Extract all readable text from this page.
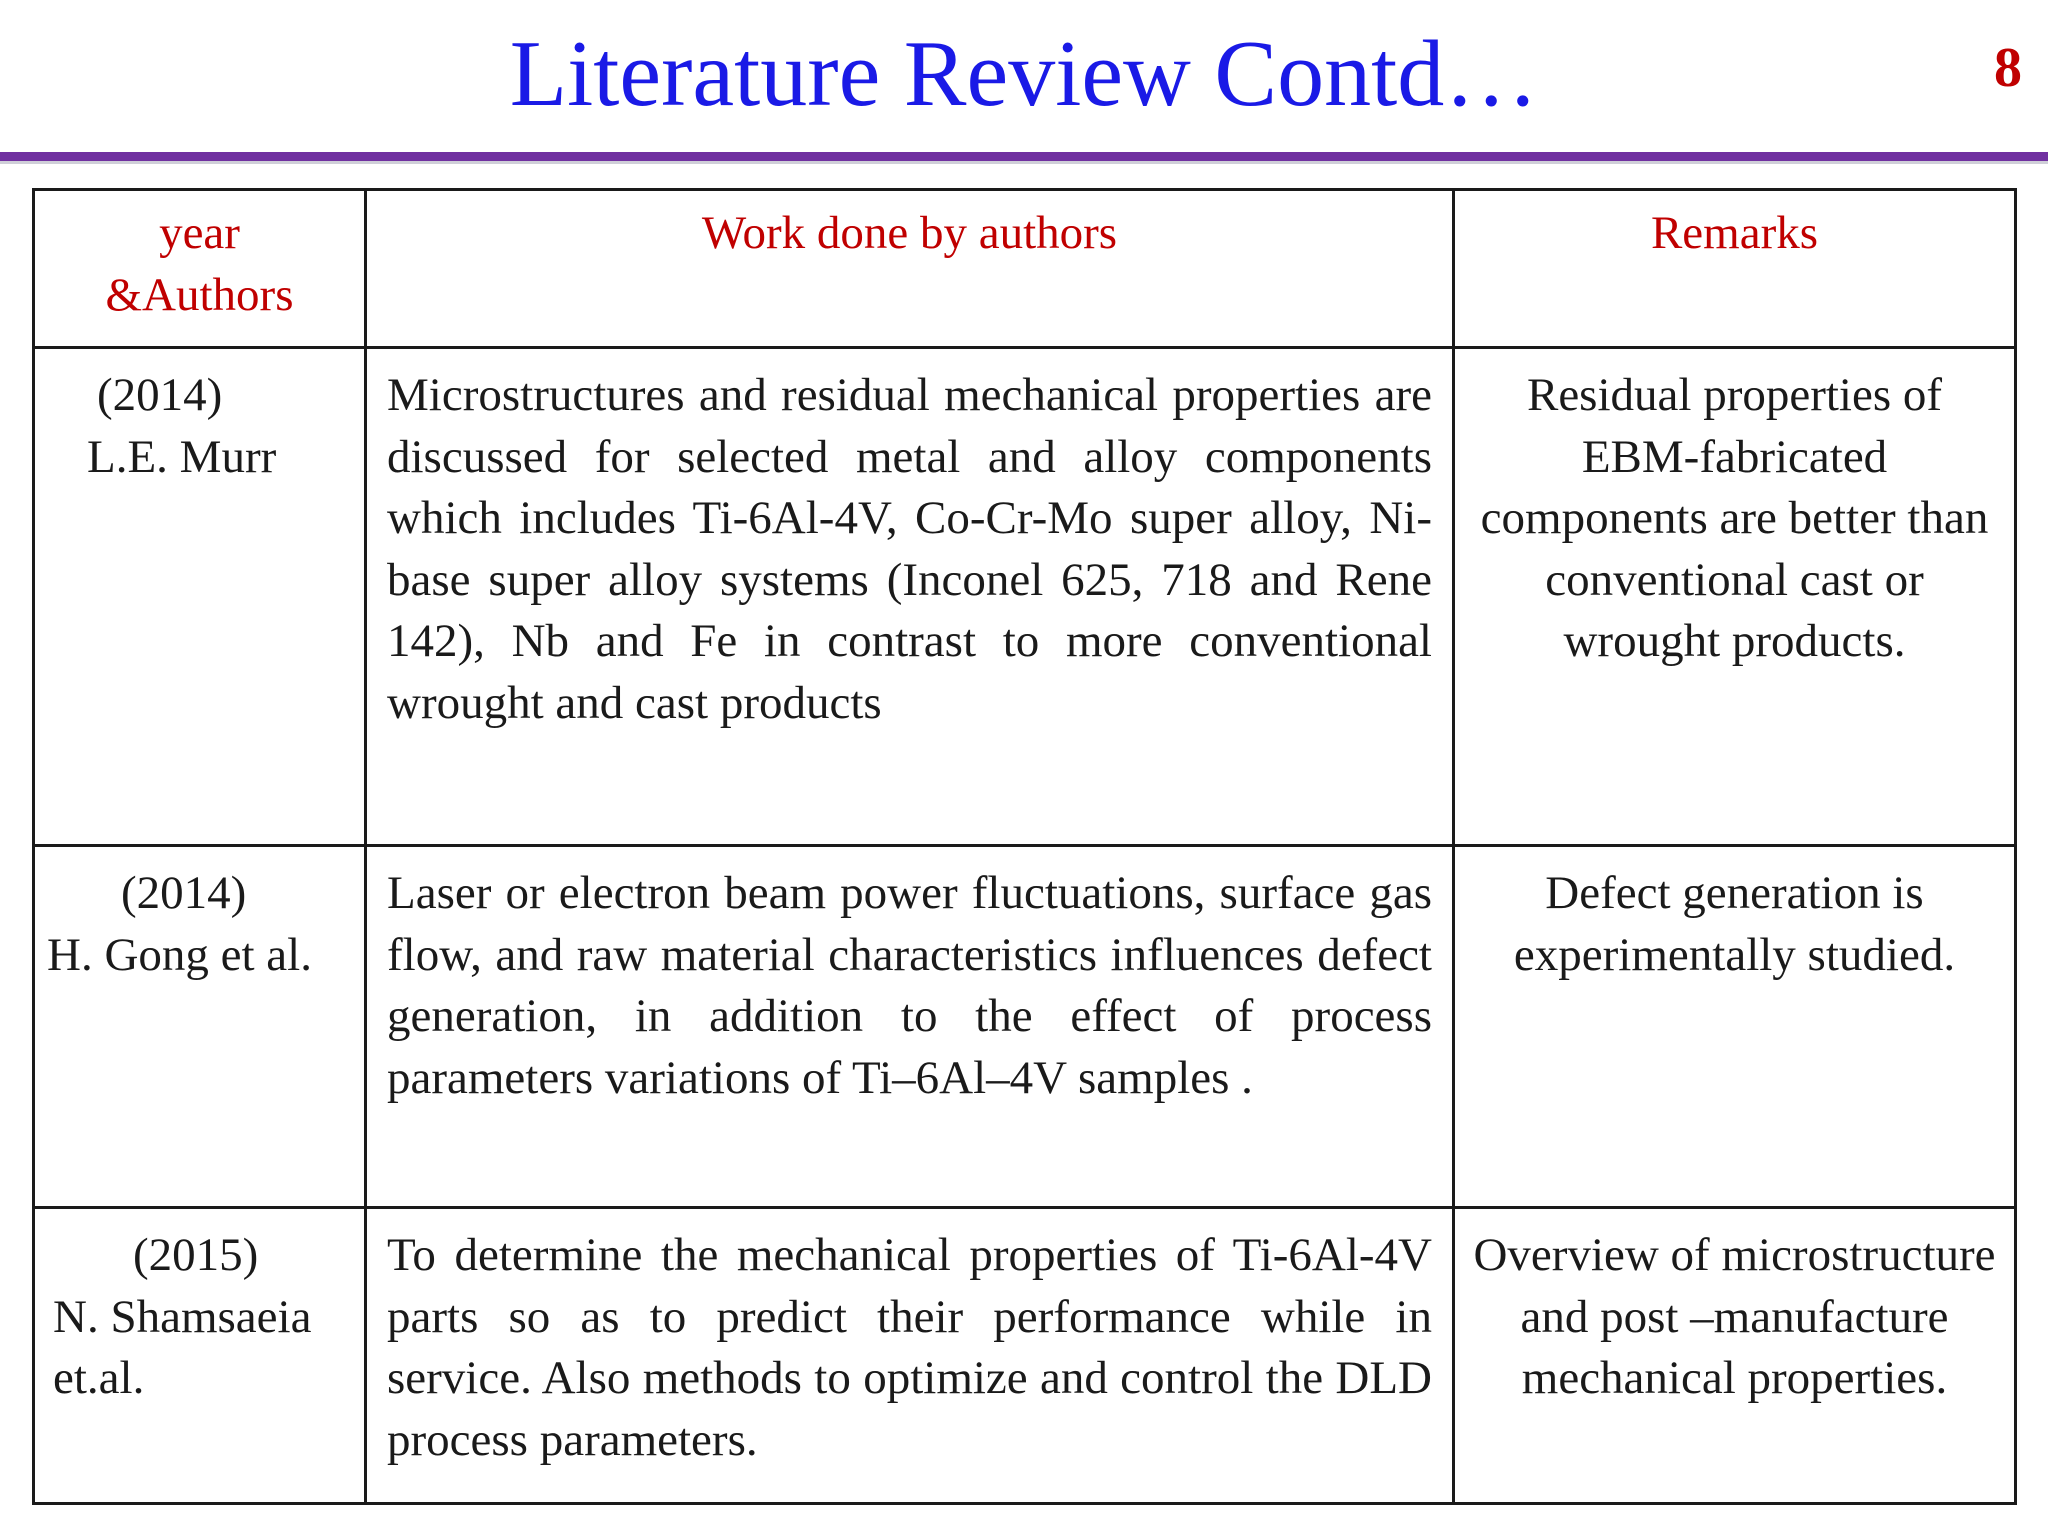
Literature Review Contd…	8
year
&Authors	Work done by authors	Remarks

(2014)
L.E. Murr	Microstructures and residual mechanical properties are discussed for selected metal and alloy components which includes Ti-6Al-4V, Co-Cr-Mo super alloy, Ni-base super alloy systems (Inconel 625, 718 and Rene 142), Nb and Fe in contrast to more conventional wrought and cast products	Residual properties of EBM-fabricated components are better than conventional cast or wrought products.

(2014)
H. Gong et al.	Laser or electron beam power fluctuations, surface gas flow, and raw material characteristics influences defect generation, in addition to the effect of process parameters variations of Ti–6Al–4V samples .	Defect generation is experimentally studied.

(2015)
N. Shamsaeia
et.al.	To determine the mechanical properties of Ti-6Al-4V parts so as to predict their performance while in service. Also methods to optimize and control the DLD process parameters.	Overview of microstructure and post –manufacture mechanical properties.
